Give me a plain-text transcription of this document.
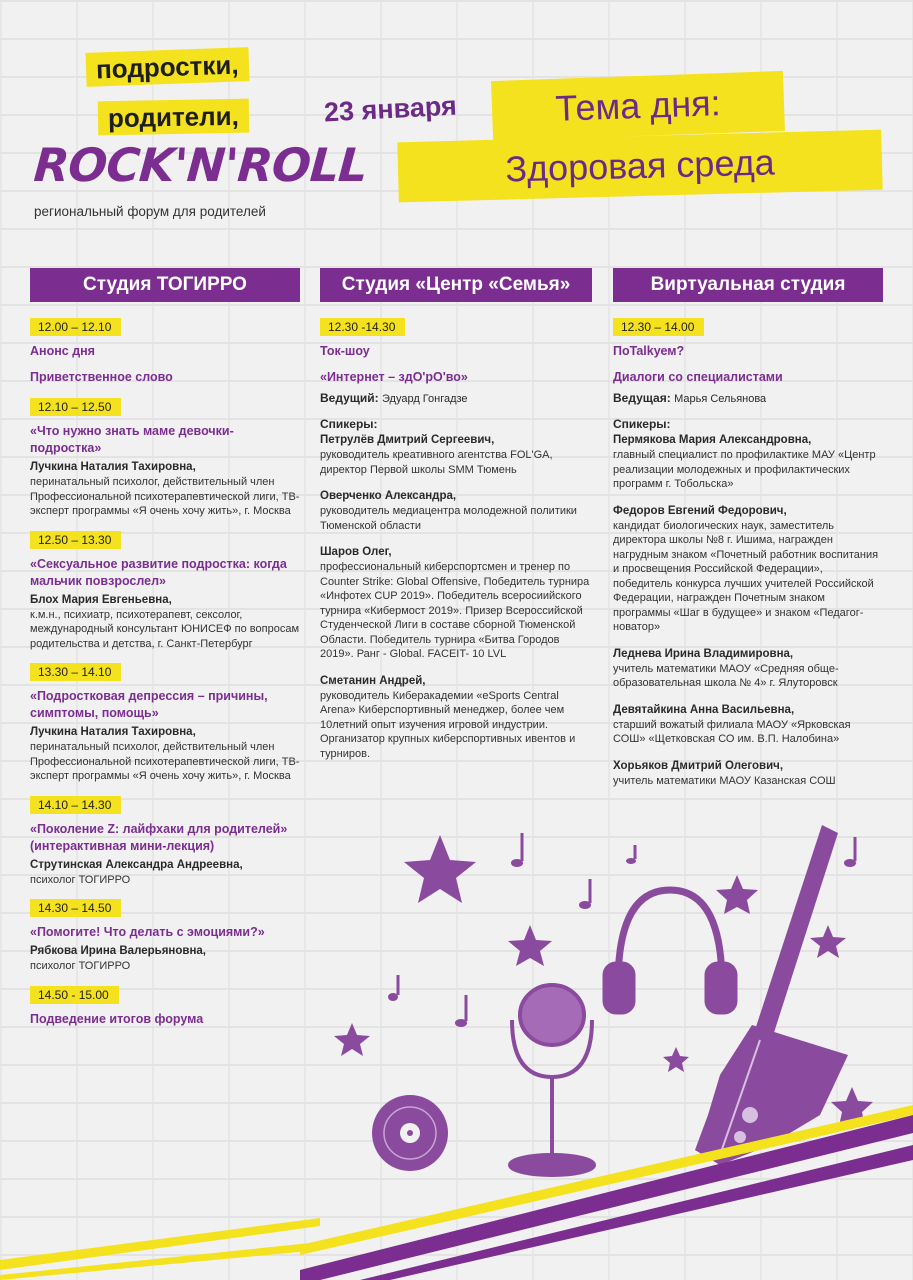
подростки,
родители,
ROCK'N'ROLL
региональный форум для родителей
23 января	Тема дня:
Здоровая среда
Студия ТОГИРРО
12.00 – 12.10
Анонс дня
Приветственное слово
12.10 – 12.50
«Что нужно знать маме девочки-подростка»
Лучкина Наталия Тахировна,
перинатальный психолог, действительный член Профессиональной психотерапевтической лиги, ТВ-эксперт программы «Я очень хочу жить», г. Москва
12.50 – 13.30
«Сексуальное развитие подростка: когда мальчик повзрослел»
Блох Мария Евгеньевна,
к.м.н., психиатр, психотерапевт, сексолог, международный консультант ЮНИСЕФ по вопросам родительства и детства, г. Санкт-Петербург
13.30 – 14.10
«Подростковая депрессия – причины, симптомы, помощь»
Лучкина Наталия Тахировна,
перинатальный психолог, действительный член Профессиональной психотерапевтической лиги, ТВ-эксперт программы «Я очень хочу жить», г. Москва
14.10 – 14.30
«Поколение Z: лайфхаки для родителей» (интерактивная мини-лекция)
Струтинская Александра Андреевна,
психолог ТОГИРРО
14.30 – 14.50
«Помогите! Что делать с эмоциями?»
Рябкова Ирина Валерьяновна,
психолог ТОГИРРО
14.50 - 15.00
Подведение итогов форума
Студия «Центр «Семья»
12.30 -14.30
Ток-шоу
«Интернет – здО'рО'во»
Ведущий: Эдуард Гонгадзе
Спикеры:
Петрулёв Дмитрий Сергеевич,
руководитель креативного агентства FOL'GA, директор Первой школы SMM Тюмень
Оверченко Александра,
руководитель медиацентра молодежной политики Тюменской области
Шаров Олег,
профессиональный киберспортсмен и тренер по Counter Strike: Global Offensive, Победитель турнира «Инфотех CUP 2019». Победитель всеросиийского турнира «Кибермост 2019». Призер Всероссийской Студенческой Лиги в составе сборной Тюменской Области. Победитель турнира «Битва Городов 2019». Ранг - Global. FACEIT- 10 LVL
Сметанин Андрей,
руководитель Киберакадемии «eSports Central Arena» Киберспортивный менеджер, более чем 10летний опыт изучения игровой индустрии. Организатор крупных киберспортивных ивентов и турниров.
Виртуальная студия
12.30 – 14.00
ПоTalkуем?
Диалоги со специалистами
Ведущая: Марья Сельянова
Спикеры:
Пермякова Мария Александровна,
главный специалист по профилактике МАУ «Центр реализации молодежных и профилактических программ г. Тобольска»
Федоров Евгений Федорович,
кандидат биологических наук, заместитель директора школы №8 г. Ишима, награжден нагрудным знаком «Почетный работник воспитания и просвещения Российской Федерации», победитель конкурса лучших учителей Российской Федерации, награжден Почетным знаком программы «Шаг в будущее» и знаком «Педагог-новатор»
Леднева Ирина Владимировна,
учитель математики МАОУ «Средняя обще-образовательная школа № 4» г. Ялуторовск
Девятайкина Анна Васильевна,
старший вожатый филиала МАОУ «Ярковская СОШ» «Щетковская СО им. В.П. Налобина»
Хорьяков Дмитрий Олегович,
учитель математики МАОУ Казанская СОШ
